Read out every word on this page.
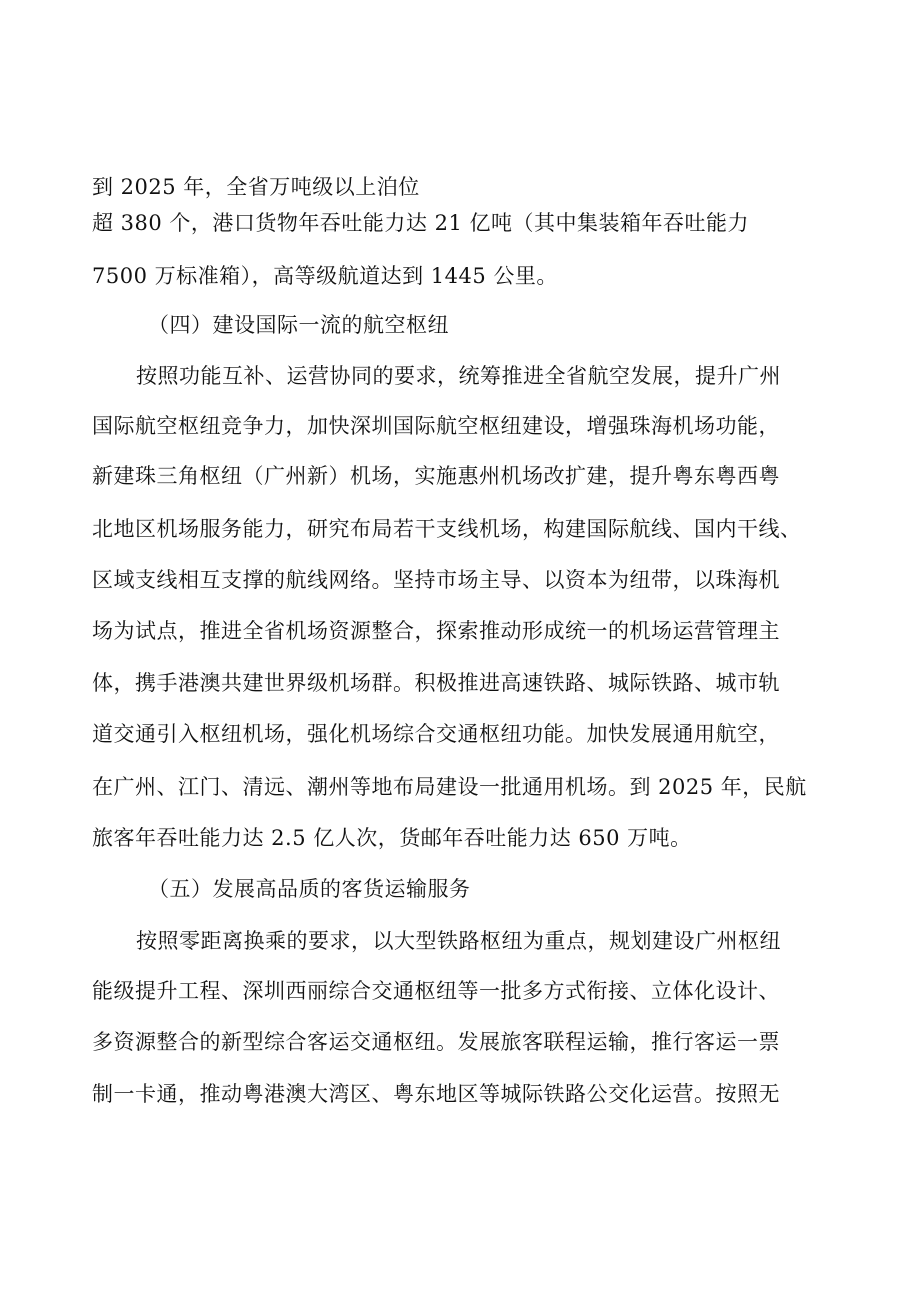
到 2025 年，全省万吨级以上泊位
超 380 个，港口货物年吞吐能力达 21 亿吨（其中集装箱年吞吐能力
7500 万标准箱），高等级航道达到 1445 公里。
（四）建设国际一流的航空枢纽
按照功能互补、运营协同的要求，统筹推进全省航空发展，提升广州
国际航空枢纽竞争力，加快深圳国际航空枢纽建设，增强珠海机场功能，
新建珠三角枢纽（广州新）机场，实施惠州机场改扩建，提升粤东粤西粤
北地区机场服务能力，研究布局若干支线机场，构建国际航线、国内干线、
区域支线相互支撑的航线网络。坚持市场主导、以资本为纽带，以珠海机
场为试点，推进全省机场资源整合，探索推动形成统一的机场运营管理主
体，携手港澳共建世界级机场群。积极推进高速铁路、城际铁路、城市轨
道交通引入枢纽机场，强化机场综合交通枢纽功能。加快发展通用航空，
在广州、江门、清远、潮州等地布局建设一批通用机场。到 2025 年，民航
旅客年吞吐能力达 2.5 亿人次，货邮年吞吐能力达 650 万吨。
（五）发展高品质的客货运输服务
按照零距离换乘的要求，以大型铁路枢纽为重点，规划建设广州枢纽
能级提升工程、深圳西丽综合交通枢纽等一批多方式衔接、立体化设计、
多资源整合的新型综合客运交通枢纽。发展旅客联程运输，推行客运一票
制一卡通，推动粤港澳大湾区、粤东地区等城际铁路公交化运营。按照无
